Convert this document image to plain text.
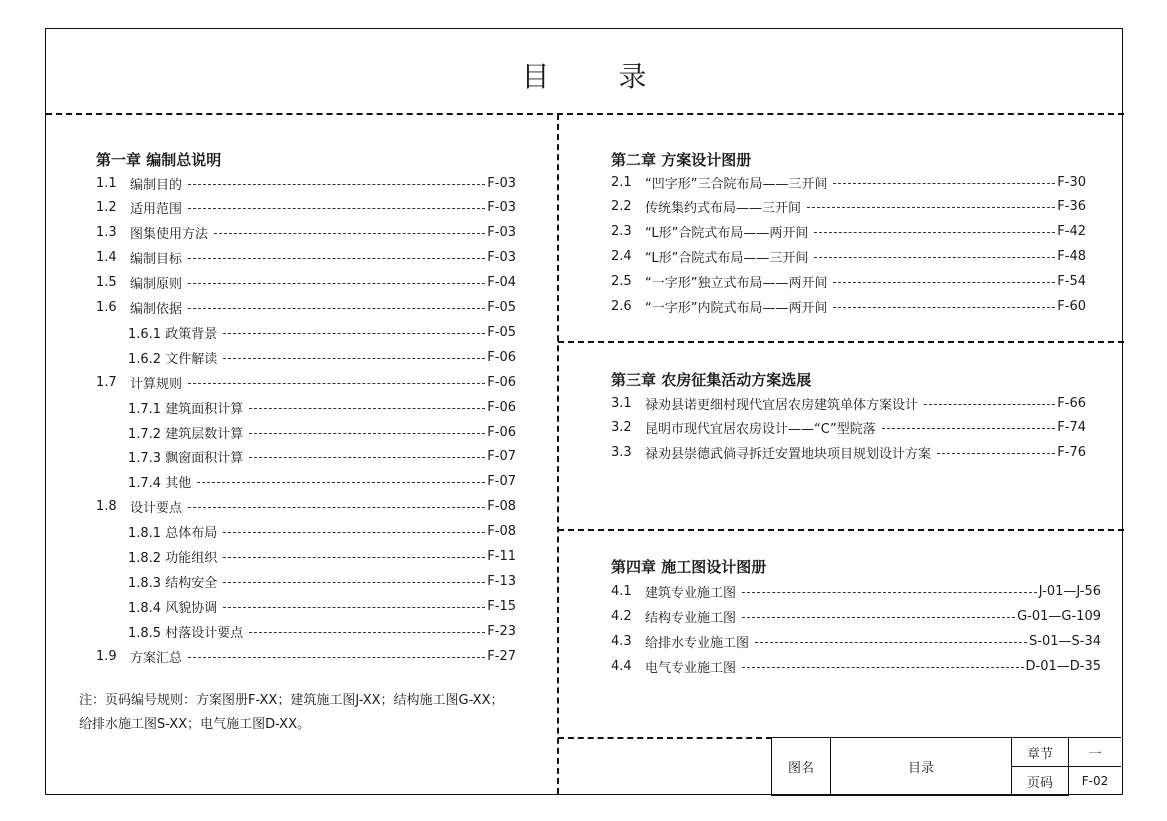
目 录
第一章 编制总说明
1.1	编制目的	F-03
1.2	适用范围	F-03
1.3	图集使用方法	F-03
1.4	编制目标	F-03
1.5	编制原则	F-04
1.6	编制依据	F-05
1.6.1 政策背景	F-05
1.6.2 文件解读	F-06
1.7	计算规则	F-06
1.7.1 建筑面积计算	F-06
1.7.2 建筑层数计算	F-06
1.7.3 飘窗面积计算	F-07
1.7.4 其他	F-07
1.8	设计要点	F-08
1.8.1 总体布局	F-08
1.8.2 功能组织	F-11
1.8.3 结构安全	F-13
1.8.4 风貌协调	F-15
1.8.5 村落设计要点	F-23
1.9	方案汇总	F-27
注：页码编号规则：方案图册F-XX；建筑施工图J-XX；结构施工图G-XX；
给排水施工图S-XX；电气施工图D-XX。
第二章 方案设计图册
2.1	“凹字形”三合院布局——三开间	F-30
2.2	传统集约式布局——三开间	F-36
2.3	“L形”合院式布局——两开间	F-42
2.4	“L形”合院式布局——三开间	F-48
2.5	“一字形”独立式布局——两开间	F-54
2.6	“一字形”内院式布局——两开间	F-60
第三章 农房征集活动方案选展
3.1	禄劝县诺更细村现代宜居农房建筑单体方案设计	F-66
3.2	昆明市现代宜居农房设计——“C”型院落	F-74
3.3	禄劝县崇德武倘寻拆迁安置地块项目规划设计方案	F-76
第四章 施工图设计图册
4.1	建筑专业施工图	J-01—J-56
4.2	结构专业施工图	G-01—G-109
4.3	给排水专业施工图	S-01—S-34
4.4	电气专业施工图	D-01—D-35
图名	目录	章节	一
		页码	F-02
